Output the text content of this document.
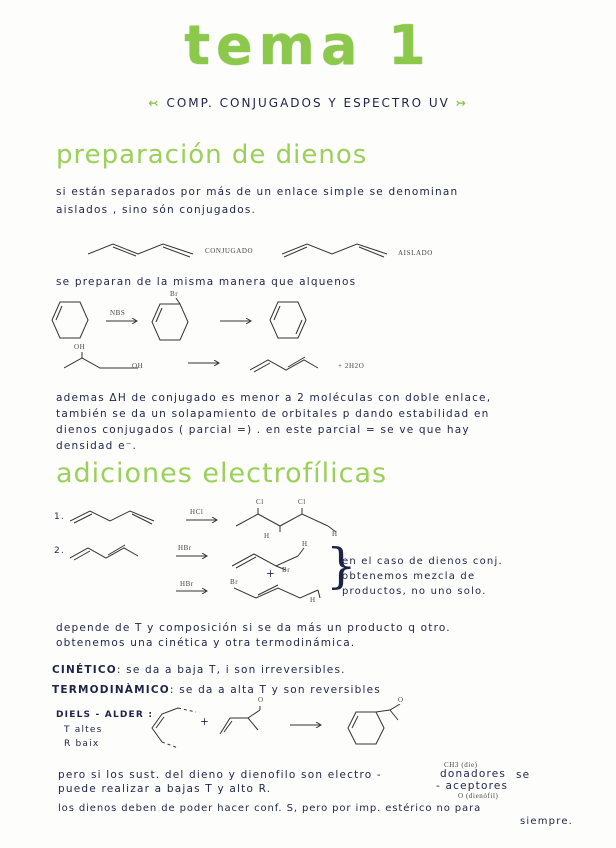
tema 1
↢ COMP. CONJUGADOS Y ESPECTRO UV ↣
preparación de dienos
si están separados por más de un enlace simple se denominan
aislados , sino són conjugados.
CONJUGADO	AISLADO
se preparan de la misma manera que alquenos
NBS
Br
OH
OH	+ 2H2O
ademas ΔH de conjugado es menor a 2 moléculas con doble enlace,
también se da un solapamiento de orbitales p dando estabilidad en
dienos conjugados ( parcial =) . en este parcial = se ve que hay
densidad e⁻.
adiciones electrofílicas
1.	HCl
Cl	Cl
H	H
2.	HBr
HBr
H
Br
+
Br
H
}
en el caso de dienos conj.
obtenemos mezcla de
productos, no uno solo.
depende de T y composición si se da más un producto q otro.
obtenemos una cinética y otra termodinámica.
CINÉTICO: se da a baja T, i son irreversibles.
TERMODINÀMICO: se da a alta T y son reversibles
DIELS - ALDER :
T altes
R baix
+
O	O
CH3 (die)
pero si los sust. del dieno y dienofilo son electro -	donadores se
puede realizar a bajas T y alto R.	- aceptores
O (dienófil)
los dienos deben de poder hacer conf. S, pero por imp. estérico no para
siempre.
